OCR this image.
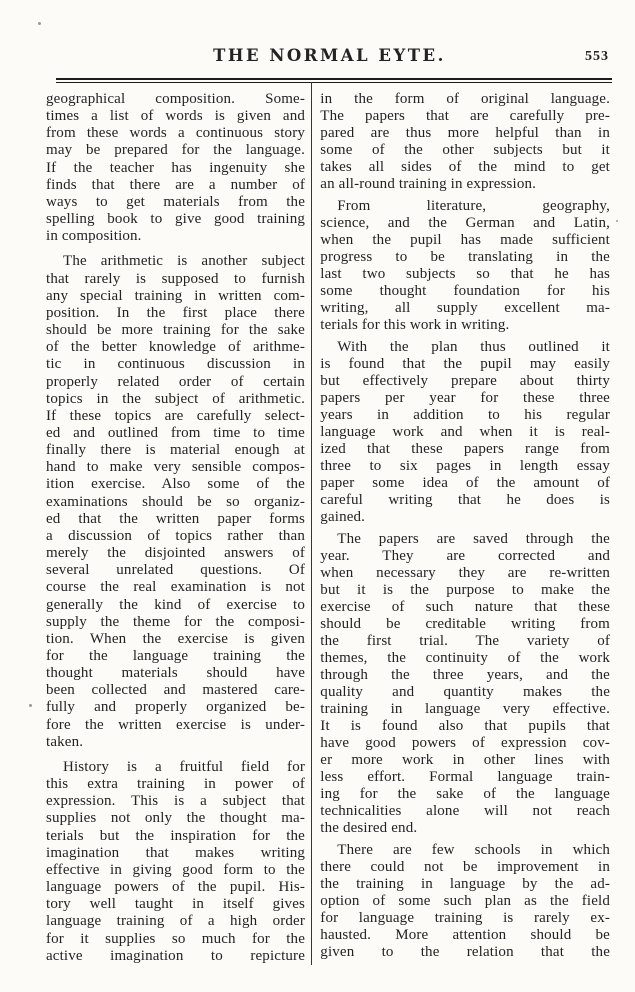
THE NORMAL EYTE.	553
geographical composition. Some-
times a list of words is given and
from these words a continuous story
may be prepared for the language.
If the teacher has ingenuity she
finds that there are a number of
ways to get materials from the
spelling book to give good training
in composition.
The arithmetic is another subject
that rarely is supposed to furnish
any special training in written com-
position. In the first place there
should be more training for the sake
of the better knowledge of arithme-
tic in continuous discussion in
properly related order of certain
topics in the subject of arithmetic.
If these topics are carefully select-
ed and outlined from time to time
finally there is material enough at
hand to make very sensible compos-
ition exercise. Also some of the
examinations should be so organiz-
ed that the written paper forms
a discussion of topics rather than
merely the disjointed answers of
several unrelated questions. Of
course the real examination is not
generally the kind of exercise to
supply the theme for the composi-
tion. When the exercise is given
for the language training the
thought materials should have
been collected and mastered care-
fully and properly organized be-
fore the written exercise is under-
taken.
History is a fruitful field for
this extra training in power of
expression. This is a subject that
supplies not only the thought ma-
terials but the inspiration for the
imagination that makes writing
effective in giving good form to the
language powers of the pupil. His-
tory well taught in itself gives
language training of a high order
for it supplies so much for the
active imagination to repicture
in the form of original language.
The papers that are carefully pre-
pared are thus more helpful than in
some of the other subjects but it
takes all sides of the mind to get
an all-round training in expression.
From literature, geography,
science, and the German and Latin,
when the pupil has made sufficient
progress to be translating in the
last two subjects so that he has
some thought foundation for his
writing, all supply excellent ma-
terials for this work in writing.
With the plan thus outlined it
is found that the pupil may easily
but effectively prepare about thirty
papers per year for these three
years in addition to his regular
language work and when it is real-
ized that these papers range from
three to six pages in length essay
paper some idea of the amount of
careful writing that he does is
gained.
The papers are saved through the
year. They are corrected and
when necessary they are re-written
but it is the purpose to make the
exercise of such nature that these
should be creditable writing from
the first trial. The variety of
themes, the continuity of the work
through the three years, and the
quality and quantity makes the
training in language very effective.
It is found also that pupils that
have good powers of expression cov-
er more work in other lines with
less effort. Formal language train-
ing for the sake of the language
technicalities alone will not reach
the desired end.
There are few schools in which
there could not be improvement in
the training in language by the ad-
option of some such plan as the field
for language training is rarely ex-
hausted. More attention should be
given to the relation that the
